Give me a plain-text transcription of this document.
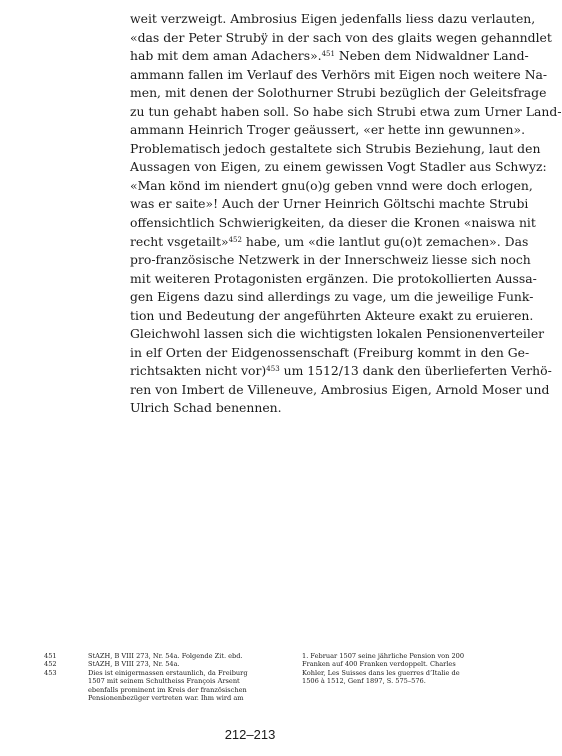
weit verzweigt. Ambrosius Eigen jedenfalls liess dazu verlauten,
«das der Peter Strubÿ in der sach von des glaits wegen gehanndlet
hab mit dem aman Adachers».$^{451}$ Neben dem Nidwaldner Land-
ammann fallen im Verlauf des Verhörs mit Eigen noch weitere Na-
men, mit denen der Solothurner Strubi bezüglich der Geleitsfrage
zu tun gehabt haben soll. So habe sich Strubi etwa zum Urner Land-
ammann Heinrich Troger geäussert, «er hette inn gewunnen».
Problematisch jedoch gestaltete sich Strubis Beziehung, laut den
Aussagen von Eigen, zu einem gewissen Vogt Stadler aus Schwyz:
«Man könd im niendert gnu(o)g geben vnnd were doch erlogen,
was er saite»! Auch der Urner Heinrich Göltschi machte Strubi
offensichtlich Schwierigkeiten, da dieser die Kronen «naiswa nit
recht vsgetailt»$^{452}$ habe, um «die lantlut gu(o)t zemachen». Das
pro-französische Netzwerk in der Innerschweiz liesse sich noch
mit weiteren Protagonisten ergänzen. Die protokollierten Aussa-
gen Eigens dazu sind allerdings zu vage, um die jeweilige Funk-
tion und Bedeutung der angeführten Akteure exakt zu eruieren.
Gleichwohl lassen sich die wichtigsten lokalen Pensionenverteiler
in elf Orten der Eidgenossenschaft (Freiburg kommt in den Ge-
richtsakten nicht vor)$^{453}$ um 1512/13 dank den überlieferten Verhö-
ren von Imbert de Villeneuve, Ambrosius Eigen, Arnold Moser und
Ulrich Schad benennen.
451
452
453
StAZH, B VIII 273, Nr. 54a. Folgende Zit. ebd.
StAZH, B VIII 273, Nr. 54a.
Dies ist einigermassen erstaunlich, da Freiburg
1507 mit seinem Schultheiss François Arsent
ebenfalls prominent im Kreis der französischen
Pensionenbezüger vertreten war. Ihm wird am
1. Februar 1507 seine jährliche Pension von 200
Franken auf 400 Franken verdoppelt. Charles
Kohler, Les Suisses dans les guerres d’Italie de
1506 à 1512, Genf 1897, S. 575–576.
212–213
